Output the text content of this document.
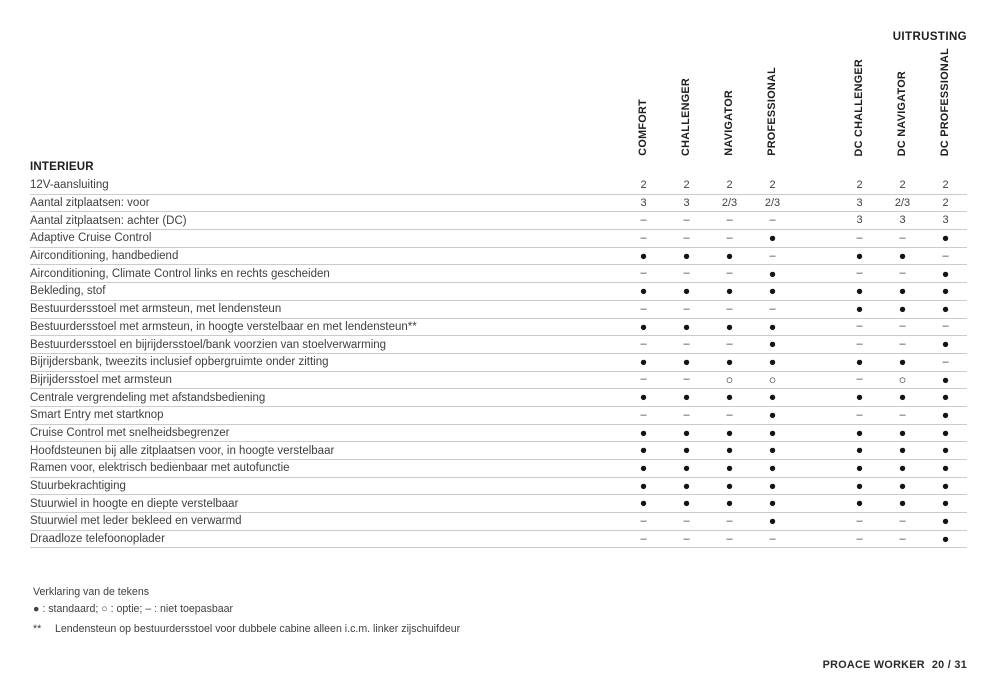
UITRUSTING
COMFORT	CHALLENGER	NAVIGATOR	PROFESSIONAL	DC CHALLENGER	DC NAVIGATOR	DC PROFESSIONAL
INTERIEUR
12V-aansluiting	2	2	2	2	2	2	2
Aantal zitplaatsen: voor	3	3	2/3	2/3	3	2/3	2
Aantal zitplaatsen: achter (DC)	–	–	–	–	3	3	3
Adaptive Cruise Control	–	–	–	●	–	–	●
Airconditioning, handbediend	●	●	●	–	●	●	–
Airconditioning, Climate Control links en rechts gescheiden	–	–	–	●	–	–	●
Bekleding, stof	●	●	●	●	●	●	●
Bestuurdersstoel met armsteun, met lendensteun	–	–	–	–	●	●	●
Bestuurdersstoel met armsteun, in hoogte verstelbaar en met lendensteun**	●	●	●	●	–	–	–
Bestuurdersstoel en bijrijdersstoel/bank voorzien van stoelverwarming	–	–	–	●	–	–	●
Bijrijdersbank, tweezits inclusief opbergruimte onder zitting	●	●	●	●	●	●	–
Bijrijdersstoel met armsteun	–	–	○	○	–	○	●
Centrale vergrendeling met afstandsbediening	●	●	●	●	●	●	●
Smart Entry met startknop	–	–	–	●	–	–	●
Cruise Control met snelheidsbegrenzer	●	●	●	●	●	●	●
Hoofdsteunen bij alle zitplaatsen voor, in hoogte verstelbaar	●	●	●	●	●	●	●
Ramen voor, elektrisch bedienbaar met autofunctie	●	●	●	●	●	●	●
Stuurbekrachtiging	●	●	●	●	●	●	●
Stuurwiel in hoogte en diepte verstelbaar	●	●	●	●	●	●	●
Stuurwiel met leder bekleed en verwarmd	–	–	–	●	–	–	●
Draadloze telefoonoplader	–	–	–	–	–	–	●
Verklaring van de tekens
● : standaard; ○ : optie; – : niet toepasbaar
** Lendensteun op bestuurdersstoel voor dubbele cabine alleen i.c.m. linker zijschuifdeur
PROACE WORKER 20 / 31
